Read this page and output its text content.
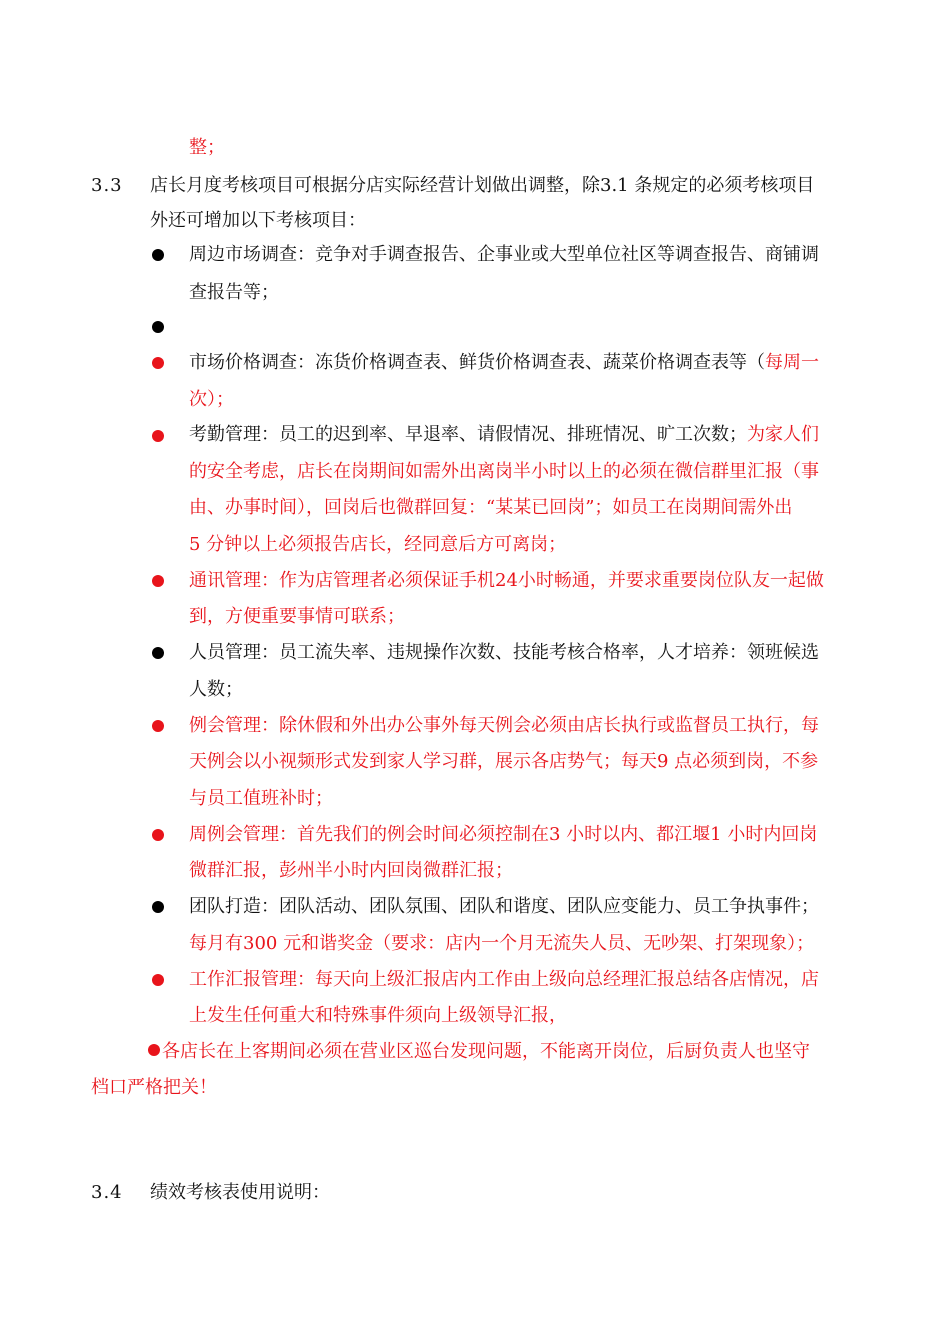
整；
3.3 店长月度考核项目可根据分店实际经营计划做出调整，除3.1 条规定的必须考核项目
外还可增加以下考核项目：
周边市场调查：竞争对手调查报告、企事业或大型单位社区等调查报告、商铺调
查报告等；
市场价格调查：冻货价格调查表、鲜货价格调查表、蔬菜价格调查表等（每周一
次）；
考勤管理：员工的迟到率、早退率、请假情况、排班情况、旷工次数；为家人们
的安全考虑，店长在岗期间如需外出离岗半小时以上的必须在微信群里汇报（事
由、办事时间），回岗后也微群回复：“某某已回岗”；如员工在岗期间需外出
5 分钟以上必须报告店长，经同意后方可离岗；
通讯管理：作为店管理者必须保证手机24小时畅通，并要求重要岗位队友一起做
到，方便重要事情可联系；
人员管理：员工流失率、违规操作次数、技能考核合格率，人才培养：领班候选
人数；
例会管理：除休假和外出办公事外每天例会必须由店长执行或监督员工执行，每
天例会以小视频形式发到家人学习群，展示各店势气；每天9 点必须到岗，不参
与员工值班补时；
周例会管理：首先我们的例会时间必须控制在3 小时以内、都江堰1 小时内回岗
微群汇报，彭州半小时内回岗微群汇报；
团队打造：团队活动、团队氛围、团队和谐度、团队应变能力、员工争执事件；
每月有300 元和谐奖金（要求：店内一个月无流失人员、无吵架、打架现象）；
工作汇报管理：每天向上级汇报店内工作由上级向总经理汇报总结各店情况，店
上发生任何重大和特殊事件须向上级领导汇报，
各店长在上客期间必须在营业区巡台发现问题，不能离开岗位，后厨负责人也坚守
档口严格把关！
3.4 绩效考核表使用说明：
